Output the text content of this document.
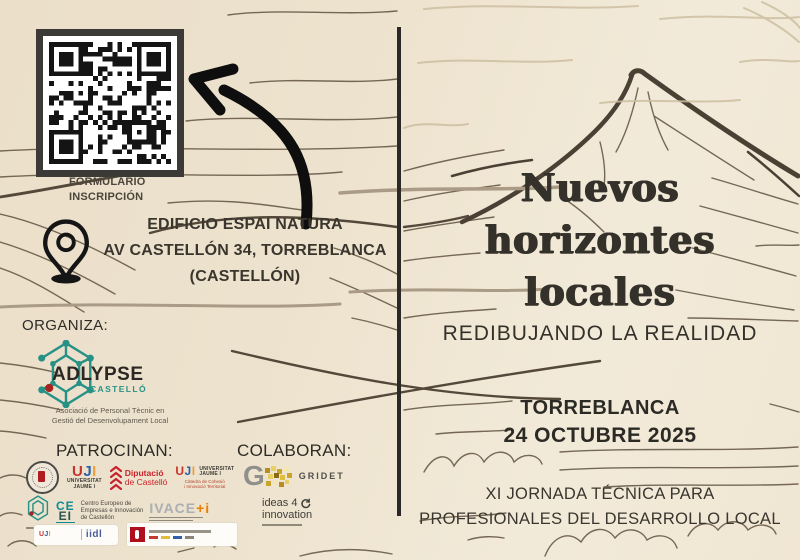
FORMULARIO
INSCRIPCIÓN
EDIFICIO ESPAI NATURA
AV CASTELLÓN 34, TORREBLANCA
(CASTELLÓN)
ORGANIZA:
ADLYPSE
CASTELLÓ
Asociació de Personal Tècnic en
Gestió del Desenvolupament Local
PATROCINAN:	COLABORAN:
UJI
UNIVERSITAT
JAUME I
Diputació
de Castelló
UJI UNIVERSITAT
JAUME I
Càtedra de Cohesió
i Innovació Territorial
CE
EI
Centro Europeo de
Empresas e Innovación
de Castellón
IVACE+i
UJI	iidl
G	GRIDET
ideas 4
innovation
Nuevos
horizontes
locales
REDIBUJANDO LA REALIDAD
TORREBLANCA
24 OCTUBRE 2025
XI JORNADA TÉCNICA PARA
PROFESIONALES DEL DESARROLLO LOCAL
